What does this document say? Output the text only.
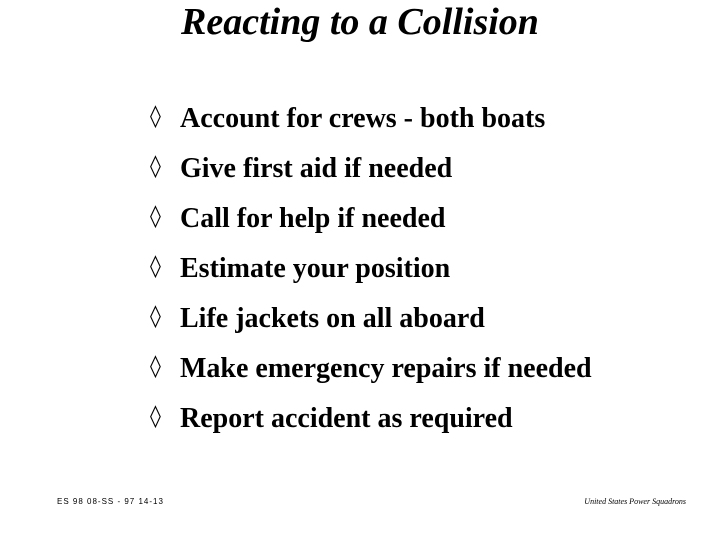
Reacting to a Collision
◊ Account for crews - both boats
◊ Give first aid if needed
◊ Call for help if needed
◊ Estimate your position
◊ Life jackets on all aboard
◊ Make emergency repairs if needed
◊ Report accident as required
ES 98 08-SS - 97 14-13	United States Power Squadrons
